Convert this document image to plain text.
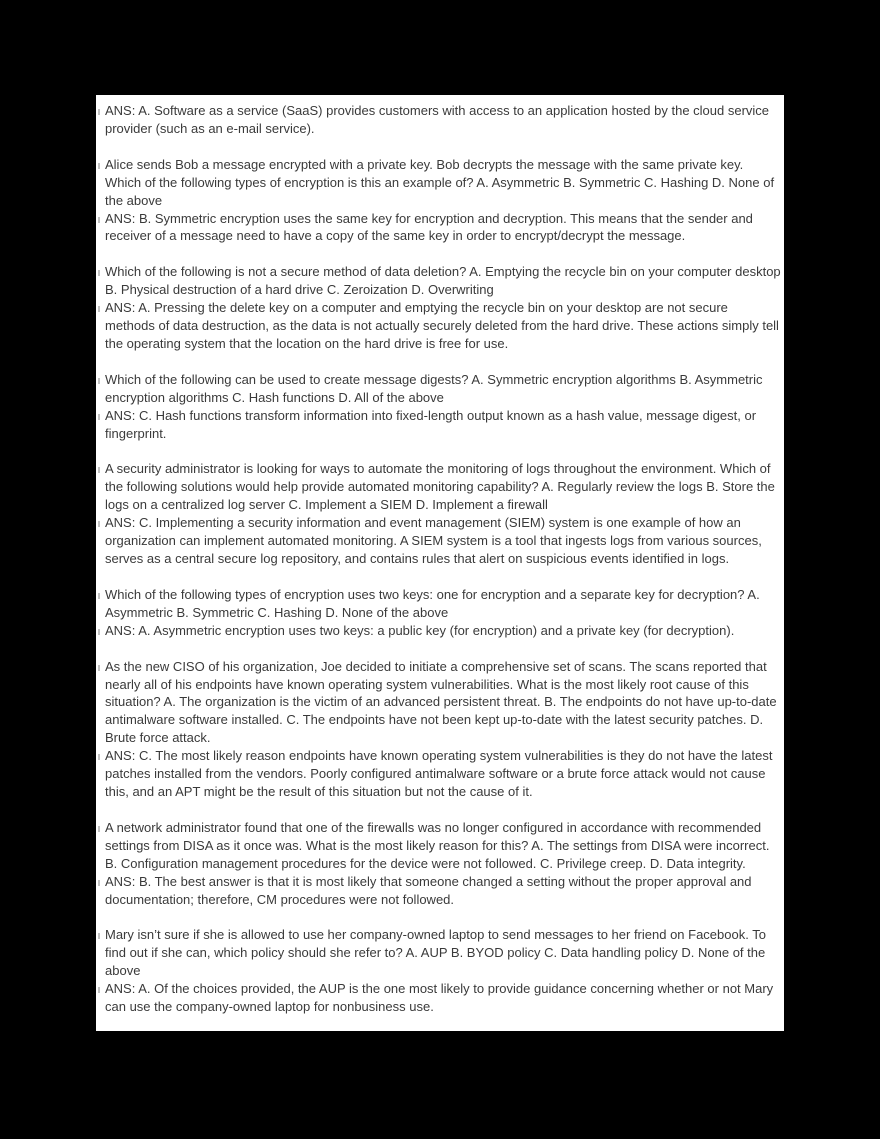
ANS: A. Software as a service (SaaS) provides customers with access to an application hosted by the cloud service
provider (such as an e-mail service).
Alice sends Bob a message encrypted with a private key. Bob decrypts the message with the same private key.
Which of the following types of encryption is this an example of? A. Asymmetric B. Symmetric C. Hashing D. None of
the above
ANS: B. Symmetric encryption uses the same key for encryption and decryption. This means that the sender and
receiver of a message need to have a copy of the same key in order to encrypt/decrypt the message.
Which of the following is not a secure method of data deletion? A. Emptying the recycle bin on your computer desktop
B. Physical destruction of a hard drive C. Zeroization D. Overwriting
ANS: A. Pressing the delete key on a computer and emptying the recycle bin on your desktop are not secure
methods of data destruction, as the data is not actually securely deleted from the hard drive. These actions simply tell
the operating system that the location on the hard drive is free for use.
Which of the following can be used to create message digests? A. Symmetric encryption algorithms B. Asymmetric
encryption algorithms C. Hash functions D. All of the above
ANS: C. Hash functions transform information into fixed-length output known as a hash value, message digest, or
fingerprint.
A security administrator is looking for ways to automate the monitoring of logs throughout the environment. Which of
the following solutions would help provide automated monitoring capability? A. Regularly review the logs B. Store the
logs on a centralized log server C. Implement a SIEM D. Implement a firewall
ANS: C. Implementing a security information and event management (SIEM) system is one example of how an
organization can implement automated monitoring. A SIEM system is a tool that ingests logs from various sources,
serves as a central secure log repository, and contains rules that alert on suspicious events identified in logs.
Which of the following types of encryption uses two keys: one for encryption and a separate key for decryption? A.
Asymmetric B. Symmetric C. Hashing D. None of the above
ANS: A. Asymmetric encryption uses two keys: a public key (for encryption) and a private key (for decryption).
As the new CISO of his organization, Joe decided to initiate a comprehensive set of scans. The scans reported that
nearly all of his endpoints have known operating system vulnerabilities. What is the most likely root cause of this
situation? A. The organization is the victim of an advanced persistent threat. B. The endpoints do not have up-to-date
antimalware software installed. C. The endpoints have not been kept up-to-date with the latest security patches. D.
Brute force attack.
ANS: C. The most likely reason endpoints have known operating system vulnerabilities is they do not have the latest
patches installed from the vendors. Poorly configured antimalware software or a brute force attack would not cause
this, and an APT might be the result of this situation but not the cause of it.
A network administrator found that one of the firewalls was no longer configured in accordance with recommended
settings from DISA as it once was. What is the most likely reason for this? A. The settings from DISA were incorrect.
B. Configuration management procedures for the device were not followed. C. Privilege creep. D. Data integrity.
ANS: B. The best answer is that it is most likely that someone changed a setting without the proper approval and
documentation; therefore, CM procedures were not followed.
Mary isn’t sure if she is allowed to use her company-owned laptop to send messages to her friend on Facebook. To
find out if she can, which policy should she refer to? A. AUP B. BYOD policy C. Data handling policy D. None of the
above
ANS: A. Of the choices provided, the AUP is the one most likely to provide guidance concerning whether or not Mary
can use the company-owned laptop for nonbusiness use.
